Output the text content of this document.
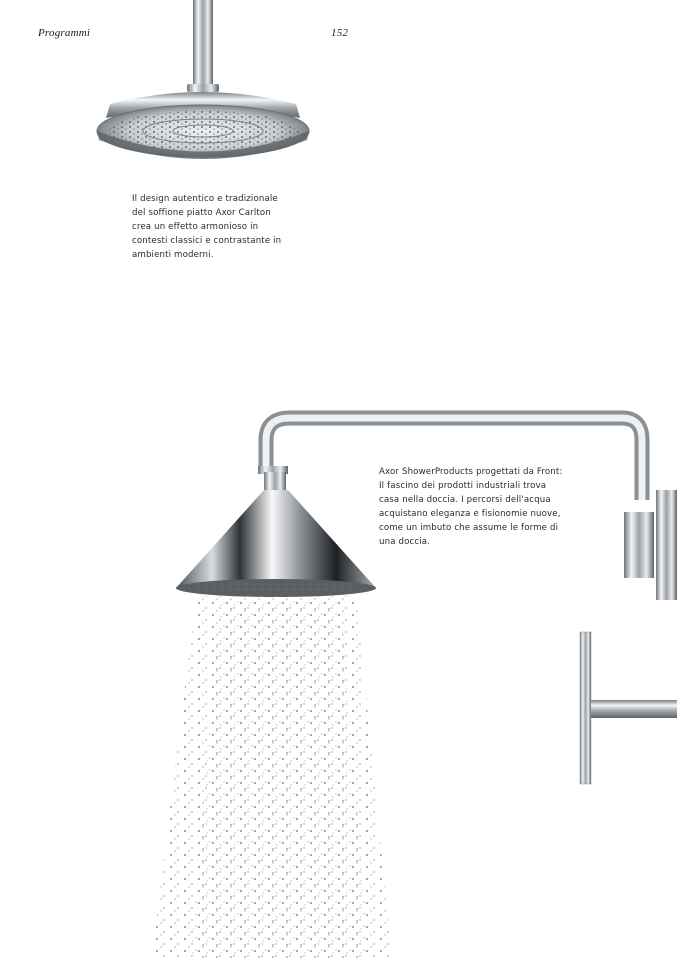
Programmi	152
Il design autentico e tradizionale
del soffione piatto Axor Carlton
crea un effetto armonioso in
contesti classici e contrastante in
ambienti moderni.
Axor ShowerProducts progettati da Front:
Il fascino dei prodotti industriali trova
casa nella doccia. I percorsi dell'acqua
acquistano eleganza e fisionomie nuove,
come un imbuto che assume le forme di
una doccia.
